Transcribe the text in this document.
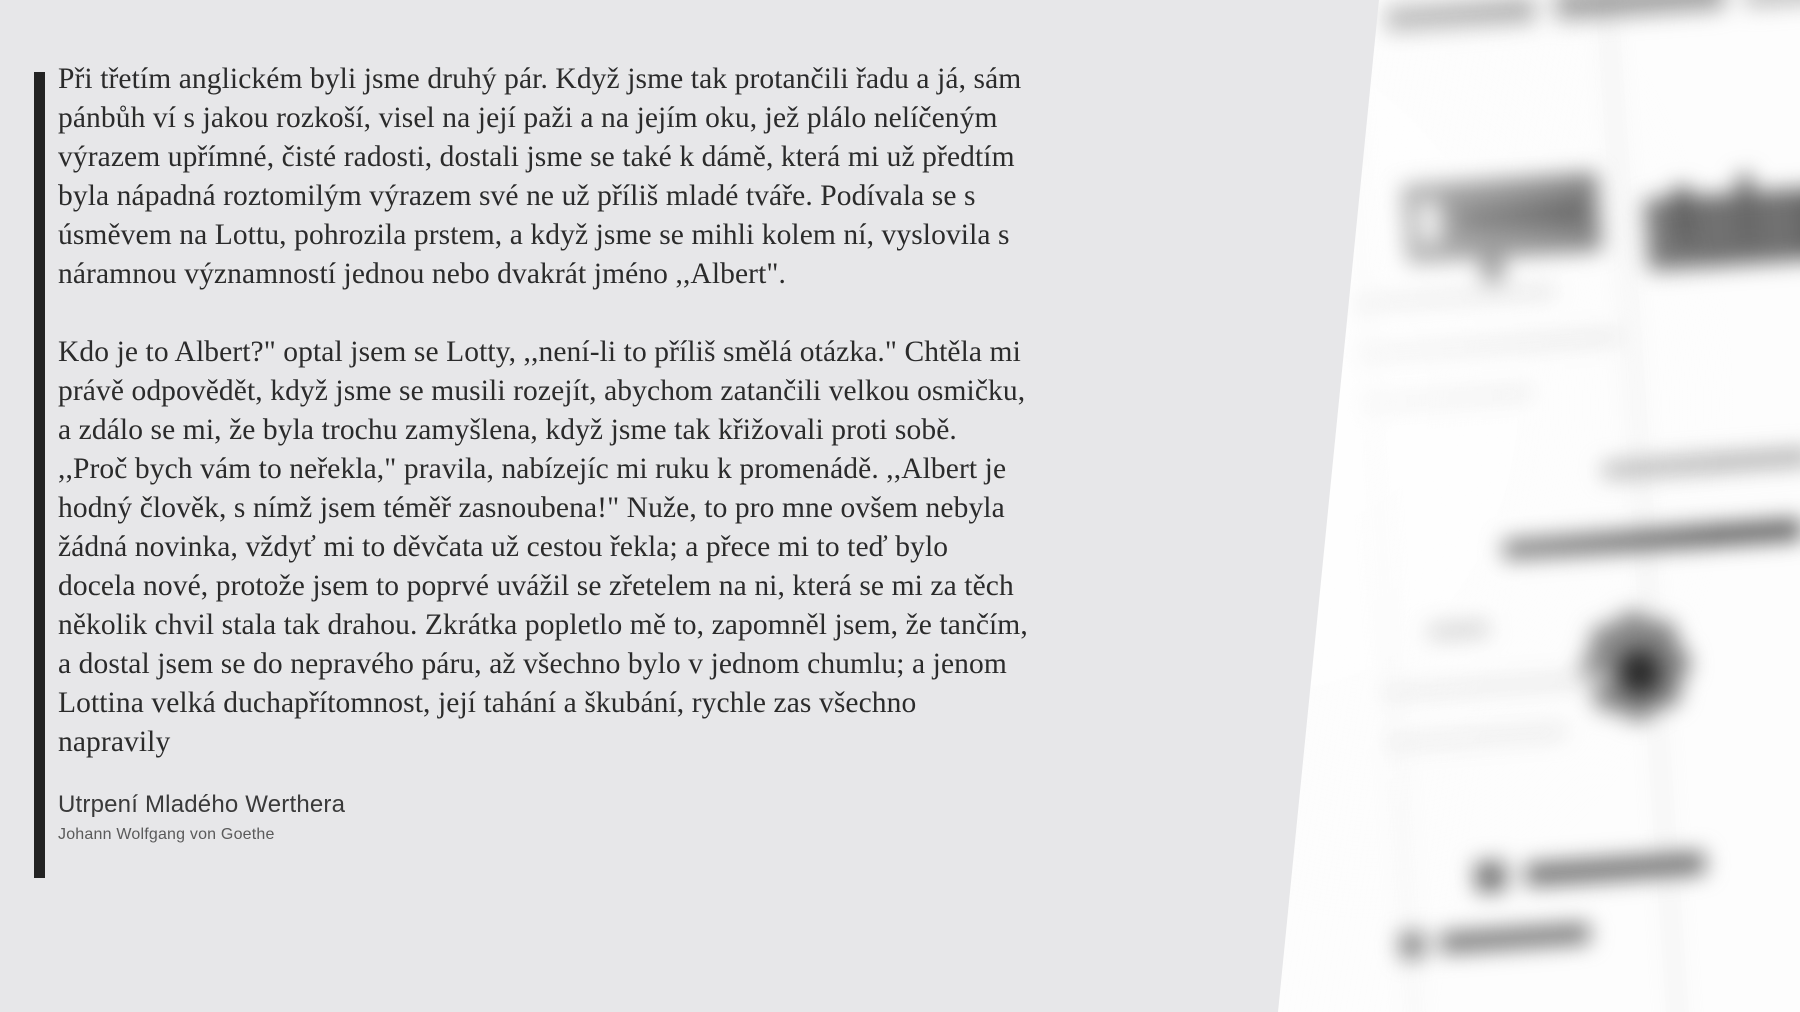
Při třetím anglickém byli jsme druhý pár. Když jsme tak protančili řadu a já, sám pánbůh ví s jakou rozkoší, visel na její paži a na jejím oku, jež plálo nelíčeným výrazem upřímné, čisté radosti, dostali jsme se také k dámě, která mi už předtím byla nápadná roztomilým výrazem své ne už příliš mladé tváře. Podívala se s úsměvem na Lottu, pohrozila prstem, a když jsme se mihli kolem ní, vyslovila s náramnou významností jednou nebo dvakrát jméno ,,Albert".

Kdo je to Albert?" optal jsem se Lotty, ,,není-li to příliš smělá otázka." Chtěla mi právě odpovědět, když jsme se musili rozejít, abychom zatančili velkou osmičku, a zdálo se mi, že byla trochu zamyšlena, když jsme tak křižovali proti sobě. ,,Proč bych vám to neřekla," pravila, nabízejíc mi ruku k promenádě. ,,Albert je hodný člověk, s nímž jsem téměř zasnoubena!" Nuže, to pro mne ovšem nebyla žádná novinka, vždyť mi to děvčata už cestou řekla; a přece mi to teď bylo docela nové, protože jsem to poprvé uvážil se zřetelem na ni, která se mi za těch několik chvil stala tak drahou. Zkrátka popletlo mě to, zapomněl jsem, že tančím, a dostal jsem se do nepravého páru, až všechno bylo v jednom chumlu; a jenom Lottina velká duchapřítomnost, její tahání a škubání, rychle zas všechno napravily

Utrpení Mladého Werthera
Johann Wolfgang von Goethe
